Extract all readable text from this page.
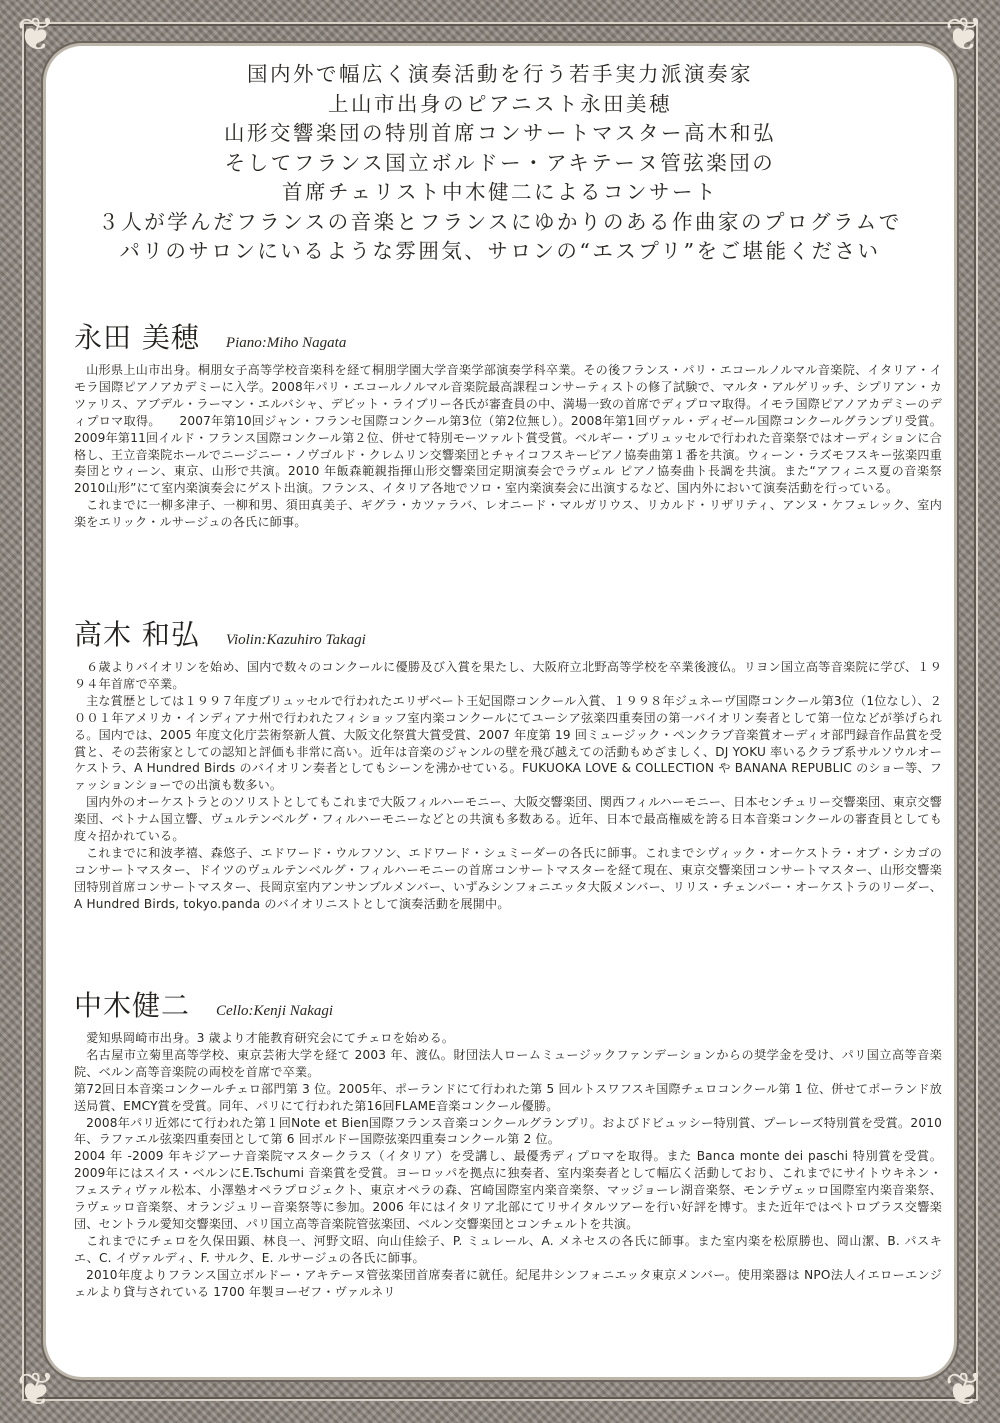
❦	❦
❦	❦
国内外で幅広く演奏活動を行う若手実力派演奏家
上山市出身のピアニスト永田美穂
山形交響楽団の特別首席コンサートマスター高木和弘
そしてフランス国立ボルドー・アキテーヌ管弦楽団の
首席チェリスト中木健二によるコンサート
３人が学んだフランスの音楽とフランスにゆかりのある作曲家のプログラムで
パリのサロンにいるような雰囲気、サロンの“エスプリ”をご堪能ください
永田 美穂 Piano:Miho Nagata

山形県上山市出身。桐朋女子高等学校音楽科を経て桐朋学園大学音楽学部演奏学科卒業。その後フランス・パリ・エコールノルマル音楽院、イタリア・イモラ国際ピアノアカデミーに入学。2008年パリ・エコールノルマル音楽院最高課程コンサーティストの修了試験で、マルタ・アルゲリッチ、シプリアン・カツァリス、アブデル・ラーマン・エルバシャ、デビット・ライブリー各氏が審査員の中、満場一致の首席でディプロマ取得。イモラ国際ピアノアカデミーのディプロマ取得。　　2007年第10回ジャン・フランセ国際コンクール第3位（第2位無し）。2008年第1回ヴァル・ディゼール国際コンクールグランプリ受賞。2009年第11回イルド・フランス国際コンクール第２位、併せて特別モーツァルト賞受賞。ベルギー・ブリュッセルで行われた音楽祭ではオーディションに合格し、王立音楽院ホールでニージニー・ノヴゴルド・クレムリン交響楽団とチャイコフスキーピアノ協奏曲第１番を共演。ウィーン・ラズモフスキー弦楽四重奏団とウィーン、東京、山形で共演。2010 年飯森範親指揮山形交響楽団定期演奏会でラヴェル ピアノ協奏曲ト長調を共演。また“アフィニス夏の音楽祭 2010山形”にて室内楽演奏会にゲスト出演。フランス、イタリア各地でソロ・室内楽演奏会に出演するなど、国内外において演奏活動を行っている。

これまでに一柳多津子、一柳和男、須田真美子、ギグラ・カツァラバ、レオニード・マルガリウス、リカルド・リザリティ、アンヌ・ケフェレック、室内楽をエリック・ルサージュの各氏に師事。

高木 和弘 Violin:Kazuhiro Takagi

６歳よりバイオリンを始め、国内で数々のコンクールに優勝及び入賞を果たし、大阪府立北野高等学校を卒業後渡仏。リヨン国立高等音楽院に学び、１９９４年首席で卒業。

主な賞歴としては１９９７年度ブリュッセルで行われたエリザベート王妃国際コンクール入賞、１９９８年ジュネーヴ国際コンクール第3位（1位なし）、２００１年アメリカ・インディアナ州で行われたフィショッフ室内楽コンクールにてユーシア弦楽四重奏団の第一バイオリン奏者として第一位などが挙げられる。国内では、2005 年度文化庁芸術祭新人賞、大阪文化祭賞大賞受賞、2007 年度第 19 回ミュージック・ペンクラブ音楽賞オーディオ部門録音作品賞を受賞と、その芸術家としての認知と評価も非常に高い。近年は音楽のジャンルの壁を飛び越えての活動もめざましく、DJ YOKU 率いるクラブ系サルソウルオーケストラ、A Hundred Birds のバイオリン奏者としてもシーンを沸かせている。FUKUOKA LOVE & COLLECTION や BANANA REPUBLIC のショー等、ファッションショーでの出演も数多い。

国内外のオーケストラとのソリストとしてもこれまで大阪フィルハーモニー、大阪交響楽団、関西フィルハーモニー、日本センチュリー交響楽団、東京交響楽団、ベトナム国立響、ヴュルテンベルグ・フィルハーモニーなどとの共演も多数ある。近年、日本で最高権威を誇る日本音楽コンクールの審査員としても度々招かれている。

これまでに和波孝禧、森悠子、エドワード・ウルフソン、エドワード・シュミーダーの各氏に師事。これまでシヴィック・オーケストラ・オブ・シカゴのコンサートマスター、ドイツのヴュルテンベルグ・フィルハーモニーの首席コンサートマスターを経て現在、東京交響楽団コンサートマスター、山形交響楽団特別首席コンサートマスター、長岡京室内アンサンブルメンバー、いずみシンフォニエッタ大阪メンバー、リリス・チェンバー・オーケストラのリーダー、A Hundred Birds, tokyo.panda のバイオリニストとして演奏活動を展開中。

中木健二 Cello:Kenji Nakagi

愛知県岡崎市出身。3 歳より才能教育研究会にてチェロを始める。

名古屋市立菊里高等学校、東京芸術大学を経て 2003 年、渡仏。財団法人ロームミュージックファンデーションからの奨学金を受け、パリ国立高等音楽院、ベルン高等音楽院の両校を首席で卒業。

第72回日本音楽コンクールチェロ部門第 3 位。2005年、ポーランドにて行われた第 5 回ルトスワフスキ国際チェロコンクール第 1 位、併せてポーランド放送局賞、EMCY賞を受賞。同年、パリにて行われた第16回FLAME音楽コンクール優勝。

2008年パリ近郊にて行われた第１回Note et Bien国際フランス音楽コンクールグランプリ。およびドビュッシー特別賞、プーレーズ特別賞を受賞。2010年、ラファエル弦楽四重奏団として第 6 回ボルドー国際弦楽四重奏コンクール第 2 位。

2004 年 -2009 年キジアーナ音楽院マスタークラス（イタリア）を受講し、最優秀ディプロマを取得。また Banca monte dei paschi 特別賞を受賞。2009年にはスイス・ベルンにE.Tschumi 音楽賞を受賞。ヨーロッパを拠点に独奏者、室内楽奏者として幅広く活動しており、これまでにサイトウキネン・フェスティヴァル松本、小澤塾オペラプロジェクト、東京オペラの森、宮崎国際室内楽音楽祭、マッジョーレ湖音楽祭、モンテヴェッロ国際室内楽音楽祭、ラヴェッロ音楽祭、オランジュリー音楽祭等に参加。2006 年にはイタリア北部にてリサイタルツアーを行い好評を博す。また近年ではペトロブラス交響楽団、セントラル愛知交響楽団、パリ国立高等音楽院管弦楽団、ベルン交響楽団とコンチェルトを共演。

これまでにチェロを久保田顕、林良一、河野文昭、向山佳絵子、P. ミュレール、A. メネセスの各氏に師事。また室内楽を松原勝也、岡山潔、B. パスキエ、C. イヴァルディ、F. サルク、E. ルサージュの各氏に師事。

2010年度よりフランス国立ボルドー・アキテーヌ管弦楽団首席奏者に就任。紀尾井シンフォニエッタ東京メンバー。使用楽器は NPO法人イエローエンジェルより貸与されている 1700 年製ヨーゼフ・ヴァルネリ
